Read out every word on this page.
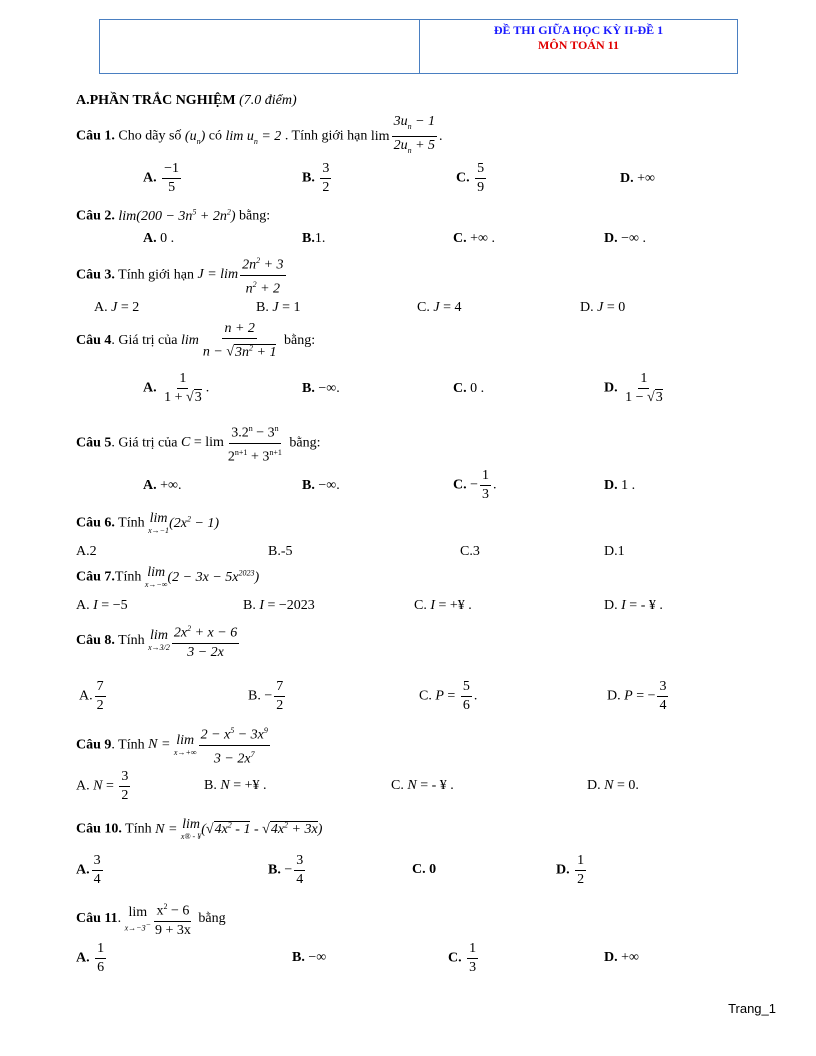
ĐỀ THI GIỮA HỌC KỲ II-ĐỀ 1
MÔN TOÁN 11
A.PHẦN TRẮC NGHIỆM (7.0 điểm)
Câu 1. Cho dãy số $(u_n)$ có $\lim u_n = 2$ . Tính giới hạn $\lim \frac{3u_n - 1}{2u_n + 5}$ .
A. $\frac{-1}{5}$	B. $\frac{3}{2}$	C. $\frac{5}{9}$	D. +∞
Câu 2. $\lim(200 - 3n^5 + 2n^2)$ bằng:
A. 0 .	B.1.	C. +∞ .	D. −∞ .
Câu 3. Tính giới hạn $J = \lim \frac{2n^2 + 3}{n^2 + 2}$
A. J = 2	B. J = 1	C. J = 4	D. J = 0
Câu 4. Giá trị của $\lim \frac{n + 2}{n - √3n^2 + 1}$ bằng:
A. $\frac{1}{1 + √3}$ .	B. −∞.	C. 0 .	D. $\frac{1}{1 - √3}$
Câu 5. Giá trị của $C = \lim \frac{3.2^n - 3^n}{2^{n+1} + 3^{n+1}}$ bằng:
A. +∞.	B. −∞.	C. − $\frac{1}{3}$ .	D. 1 .
Câu 6. Tính lim
x→−1 $(2x^2 - 1)$
A.2	B.-5	C.3	D.1
Câu 7.Tính lim
x→−∞ $(2 - 3x - 5x^{2023})$
A. I = −5	B. I = −2023	C. I = +¥ .	D. I = - ¥ .
Câu 8. Tính lim
$x\to 3/2 \frac{2x^2 + x - 6}{3 - 2x}$
A. $\frac{7}{2}$	B. − $\frac{7}{2}$	C. $P = \frac{5}{6}$ .	D. P = − $\frac{3}{4}$
Câu 9. Tính N = lim
$x\to+\infty \frac{2 - x^5 - 3x^9}{3 - 2x^7}$
A. $N = \frac{3}{2}$	B. N = +¥ .	C. N = - ¥ .	D. N = 0.
Câu 10. Tính N = lim
x® - ¥ $(√4x^2 - 1 - √4x^2 + 3x)$
A. $\frac{3}{4}$	B. − $\frac{3}{4}$	C. 0	D. $\frac{1}{2}$
Câu 11. lim
$x\to-3^- \frac{x^2 - 6}{9 + 3x}$ bằng
A. $\frac{1}{6}$	B. −∞	C. $\frac{1}{3}$	D. +∞
Trang_1
